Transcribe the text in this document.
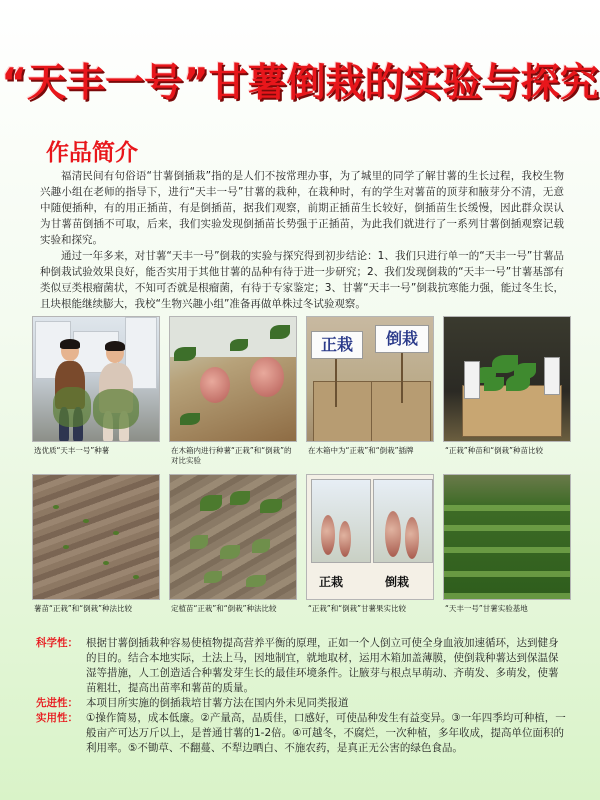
“天丰一号”甘薯倒栽的实验与探究
作品简介

福清民间有句俗语“甘薯倒插栽”指的是人们不按常理办事，为了城里的同学了解甘薯的生长过程，我校生物兴趣小组在老师的指导下，进行“天丰一号”甘薯的栽种，在栽种时，有的学生对薯苗的顶芽和腋芽分不清，无意中随便插种，有的用正插苗，有是倒插苗，据我们观察，前期正插苗生长较好，倒插苗生长缓慢，因此群众误认为甘薯苗倒插不可取，后来，我们实验发现倒插苗长势强于正插苗，为此我们就进行了一系列甘薯倒插观察记载实验和探究。

通过一年多来，对甘薯“天丰一号”倒栽的实验与探究得到初步结论：1、我们只进行单一的“天丰一号”甘薯品种倒栽试验效果良好，能否实用于其他甘薯的品种有待于进一步研究；2、我们发现倒栽的“天丰一号”甘薯基部有类似豆类根瘤菌状，不知可否就是根瘤菌，有待于专家鉴定；3、甘薯“天丰一号”倒栽抗寒能力强，能过冬生长，且块根能继续膨大，我校“生物兴趣小组”准备再做单株过冬试验观察。

选优质“天丰一号”种薯	在木箱内进行种薯“正栽”和“倒栽”的对比实验
正栽	倒栽
在木箱中为“正栽”和“倒栽”插牌	“正栽”种苗和“倒栽”种苗比较
薯苗“正栽”和“倒栽”种法比较	定植苗“正栽”和“倒栽”种法比较
正栽	倒栽
“正栽”和“倒栽”甘薯果实比较	“天丰一号”甘薯实验基地
科学性： 根据甘薯倒插栽种容易使植物提高营养平衡的原理，正如一个人倒立可使全身血液加速循环，达到健身的目的。结合本地实际，土法上马，因地制宜，就地取材，运用木箱加盖薄膜，使倒栽种薯达到保温保湿等措施，人工创造适合种薯发芽生长的最佳环境条件。让腋芽与根点早萌动、齐萌发、多萌发，使薯苗粗壮，提高出苗率和薯苗的质量。
先进性： 本项目所实施的倒插栽培甘薯方法在国内外未见同类报道
实用性： ①操作简易，成本低廉。②产量高，品质佳，口感好，可使品种发生有益变异。③一年四季均可种植，一般亩产可达万斤以上，是普通甘薯的1-2倍。④可越冬，不腐烂，一次种植，多年收成，提高单位面积的利用率。⑤不锄草、不翻蔓、不犁边晒白、不施农药，是真正无公害的绿色食品。
